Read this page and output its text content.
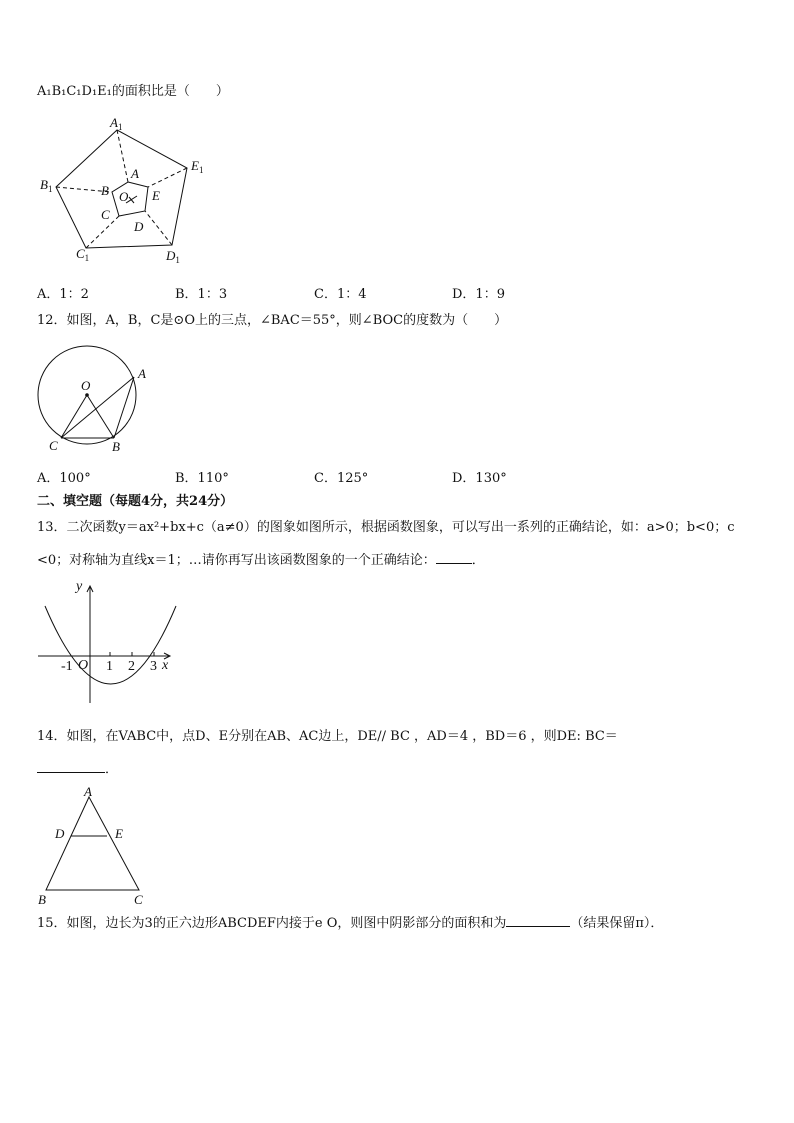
A₁B₁C₁D₁E₁的面积比是（　　）
$A_1$
$E_1$
$B_1$
$C_1$	$D_1$
A
E
B
C
D
O
A．1：2	B．1：3	C．1：4	D．1：9
12．如图，A，B，C是⊙O上的三点，∠BAC＝55°，则∠BOC的度数为（　　）
O
A
B
C
A．100°	B．110°	C．125°	D．130°
二、填空题（每题4分，共24分）
13．二次函数y＝ax²+bx+c（a≠0）的图象如图所示，根据函数图象，可以写出一系列的正确结论，如：a>0；b<0；c
<0；对称轴为直线x＝1；…请你再写出该函数图象的一个正确结论：	．
y
x
O
-1 1 2 3
14．如图，在VABC中，点D、E分别在AB、AC边上，DE// BC ，AD＝4 ，BD＝6 ，则DE: BC＝
．
A
D	E
B	C
15．如图，边长为3的正六边形ABCDEF内接于e O，则图中阴影部分的面积和为	（结果保留π）．
